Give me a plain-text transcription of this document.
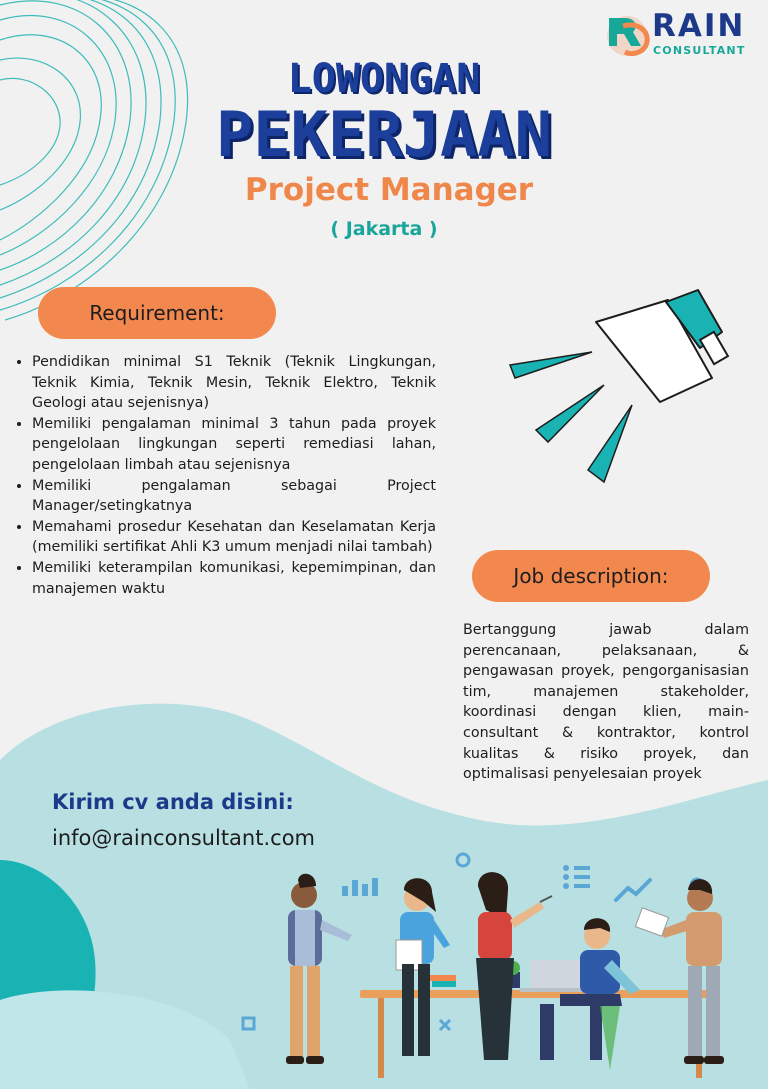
RAIN
CONSULTANT
LOWONGAN
PEKERJAAN
Project Manager
( Jakarta )
Requirement:
• Pendidikan minimal S1 Teknik (Teknik Lingkungan, Teknik Kimia, Teknik Mesin, Teknik Elektro, Teknik Geologi atau sejenisnya)
• Memiliki pengalaman minimal 3 tahun pada proyek pengelolaan lingkungan seperti remediasi lahan, pengelolaan limbah atau sejenisnya
• Memiliki pengalaman sebagai Project Manager/setingkatnya
• Memahami prosedur Kesehatan dan Keselamatan Kerja (memiliki sertifikat Ahli K3 umum menjadi nilai tambah)
• Memiliki keterampilan komunikasi, kepemimpinan, dan manajemen waktu
Job description:

Bertanggung jawab dalam perencanaan, pelaksanaan, & pengawasan proyek, pengorganisasian tim, manajemen stakeholder, koordinasi dengan klien, main-consultant & kontraktor, kontrol kualitas & risiko proyek, dan optimalisasi penyelesaian proyek

Kirim cv anda disini:
info@rainconsultant.com
